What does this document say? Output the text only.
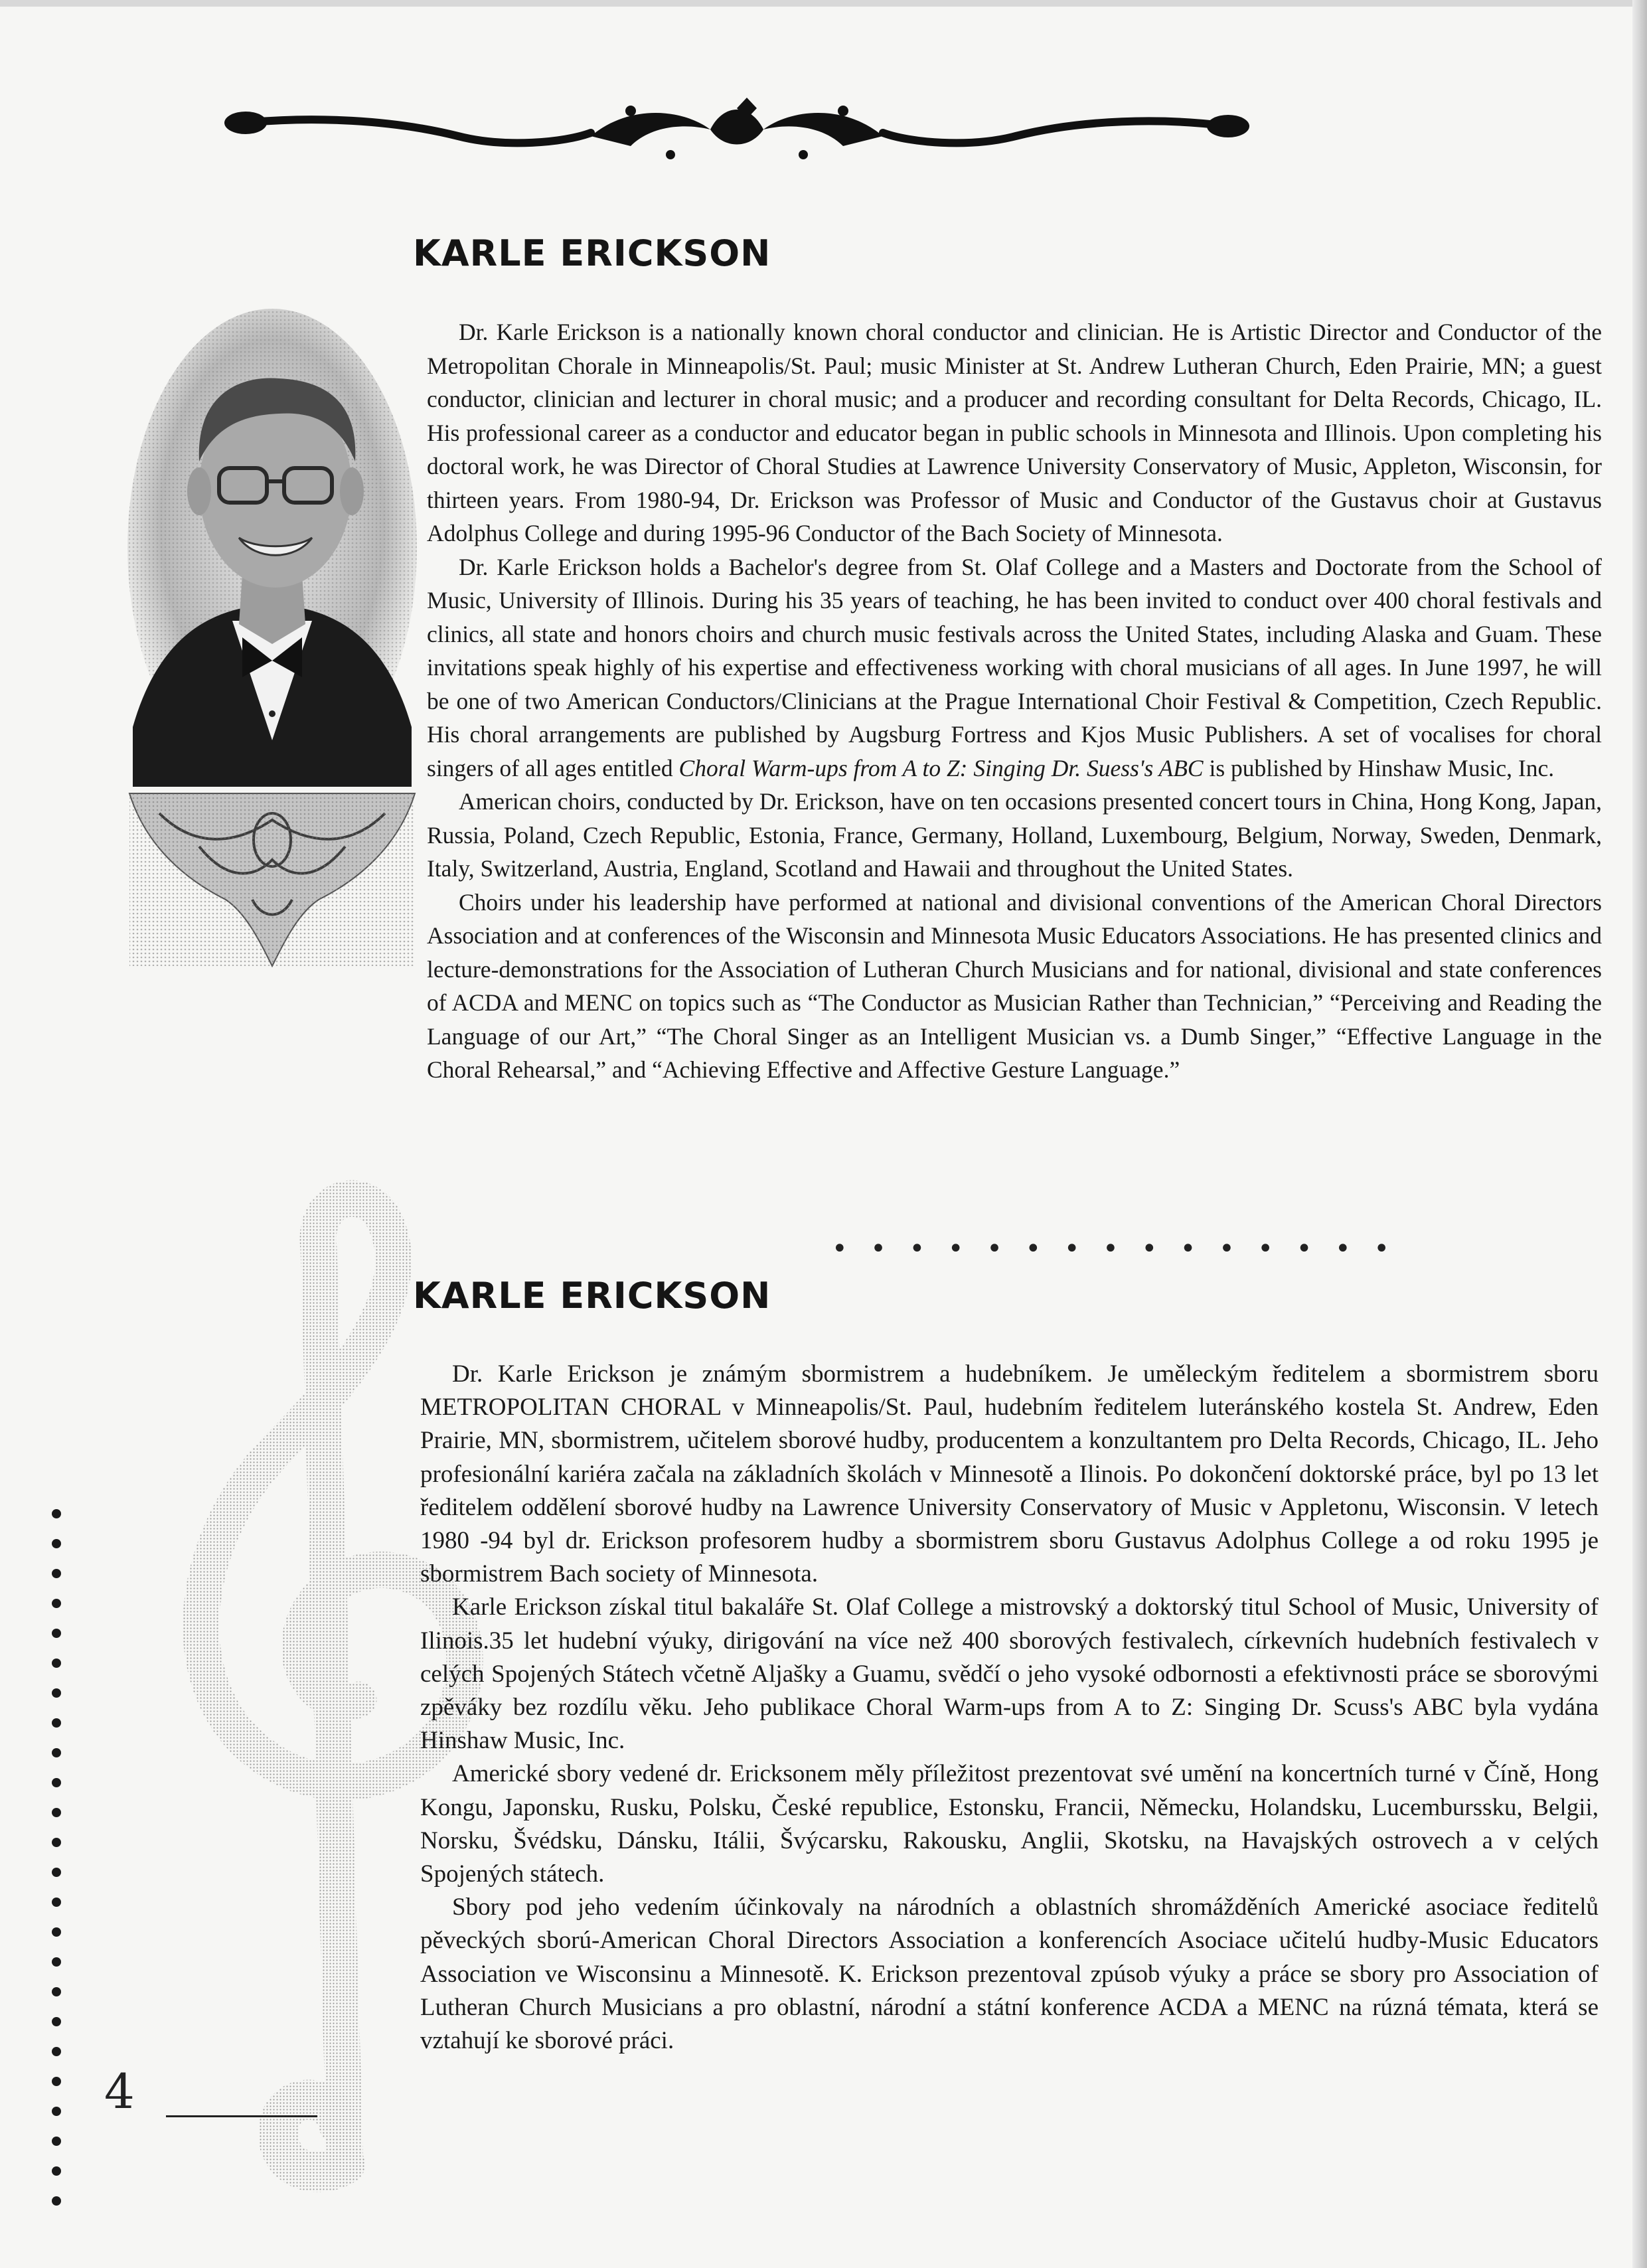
KARLE ERICKSON

Dr. Karle Erickson is a nationally known choral conductor and clinician. He is Artistic Director and Conductor of the Metropolitan Chorale in Minneapolis/St. Paul; music Minister at St. Andrew Lutheran Church, Eden Prairie, MN; a guest conductor, clinician and lecturer in choral music; and a producer and recording consultant for Delta Records, Chicago, IL. His professional career as a conductor and educator began in public schools in Minnesota and Illinois. Upon completing his doctoral work, he was Director of Choral Studies at Lawrence University Conservatory of Music, Appleton, Wisconsin, for thirteen years. From 1980-94, Dr. Erickson was Professor of Music and Conductor of the Gustavus choir at Gustavus Adolphus College and during 1995-96 Conductor of the Bach Society of Minnesota.

Dr. Karle Erickson holds a Bachelor's degree from St. Olaf College and a Masters and Doctorate from the School of Music, University of Illinois. During his 35 years of teaching, he has been invited to conduct over 400 choral festivals and clinics, all state and honors choirs and church music festivals across the United States, including Alaska and Guam. These invitations speak highly of his expertise and effectiveness working with choral musicians of all ages. In June 1997, he will be one of two American Conductors/Clinicians at the Prague International Choir Festival & Competition, Czech Republic. His choral arrangements are published by Augsburg Fortress and Kjos Music Publishers. A set of vocalises for choral singers of all ages entitled Choral Warm-ups from A to Z: Singing Dr. Suess's ABC is published by Hinshaw Music, Inc.

American choirs, conducted by Dr. Erickson, have on ten occasions presented concert tours in China, Hong Kong, Japan, Russia, Poland, Czech Republic, Estonia, France, Germany, Holland, Luxembourg, Belgium, Norway, Sweden, Denmark, Italy, Switzerland, Austria, England, Scotland and Hawaii and throughout the United States.

Choirs under his leadership have performed at national and divisional conventions of the American Choral Directors Association and at conferences of the Wisconsin and Minnesota Music Educators Associations. He has presented clinics and lecture-demonstrations for the Association of Lutheran Church Musicians and for national, divisional and state conferences of ACDA and MENC on topics such as “The Conductor as Musician Rather than Technician,” “Perceiving and Reading the Language of our Art,” “The Choral Singer as an Intelligent Musician vs. a Dumb Singer,” “Effective Language in the Choral Rehearsal,” and “Achieving Effective and Affective Gesture Language.”

• • • • • • • • • • • • • • •
KARLE ERICKSON

Dr. Karle Erickson je známým sbormistrem a hudebníkem. Je uměleckým ředitelem a sbormistrem sboru METROPOLITAN CHORAL v Minneapolis/St. Paul, hudebním ředitelem luteránského kostela St. Andrew, Eden Prairie, MN, sbormistrem, učitelem sborové hudby, producentem a konzultantem pro Delta Records, Chicago, IL. Jeho profesionální kariéra začala na základních školách v Minnesotě a Ilinois. Po dokončení doktorské práce, byl po 13 let ředitelem oddělení sborové hudby na Lawrence University Conservatory of Music v Appletonu, Wisconsin. V letech 1980 -94 byl dr. Erickson profesorem hudby a sbormistrem sboru Gustavus Adolphus College a od roku 1995 je sbormistrem Bach society of Minnesota.

Karle Erickson získal titul bakaláře St. Olaf College a mistrovský a doktorský titul School of Music, University of Ilinois.35 let hudební výuky, dirigování na více než 400 sborových festivalech, církevních hudebních festivalech v celých Spojených Státech včetně Aljašky a Guamu, svědčí o jeho vysoké odbornosti a efektivnosti práce se sborovými zpěváky bez rozdílu věku. Jeho publikace Choral Warm-ups from A to Z: Singing Dr. Scuss's ABC byla vydána Hinshaw Music, Inc.

Americké sbory vedené dr. Ericksonem měly příležitost prezentovat své umění na koncertních turné v Číně, Hong Kongu, Japonsku, Rusku, Polsku, České republice, Estonsku, Francii, Německu, Holandsku, Lucemburssku, Belgii, Norsku, Švédsku, Dánsku, Itálii, Švýcarsku, Rakousku, Anglii, Skotsku, na Havajských ostrovech a v celých Spojených státech.

Sbory pod jeho vedením účinkovaly na národních a oblastních shromážděních Americké asociace ředitelů pěveckých sború-American Choral Directors Association a konferencích Asociace učitelú hudby-Music Educators Association ve Wisconsinu a Minnesotě. K. Erickson prezentoval zpúsob výuky a práce se sbory pro Association of Lutheran Church Musicians a pro oblastní, národní a státní konference ACDA a MENC na rúzná témata, která se vztahují ke sborové práci.

4
